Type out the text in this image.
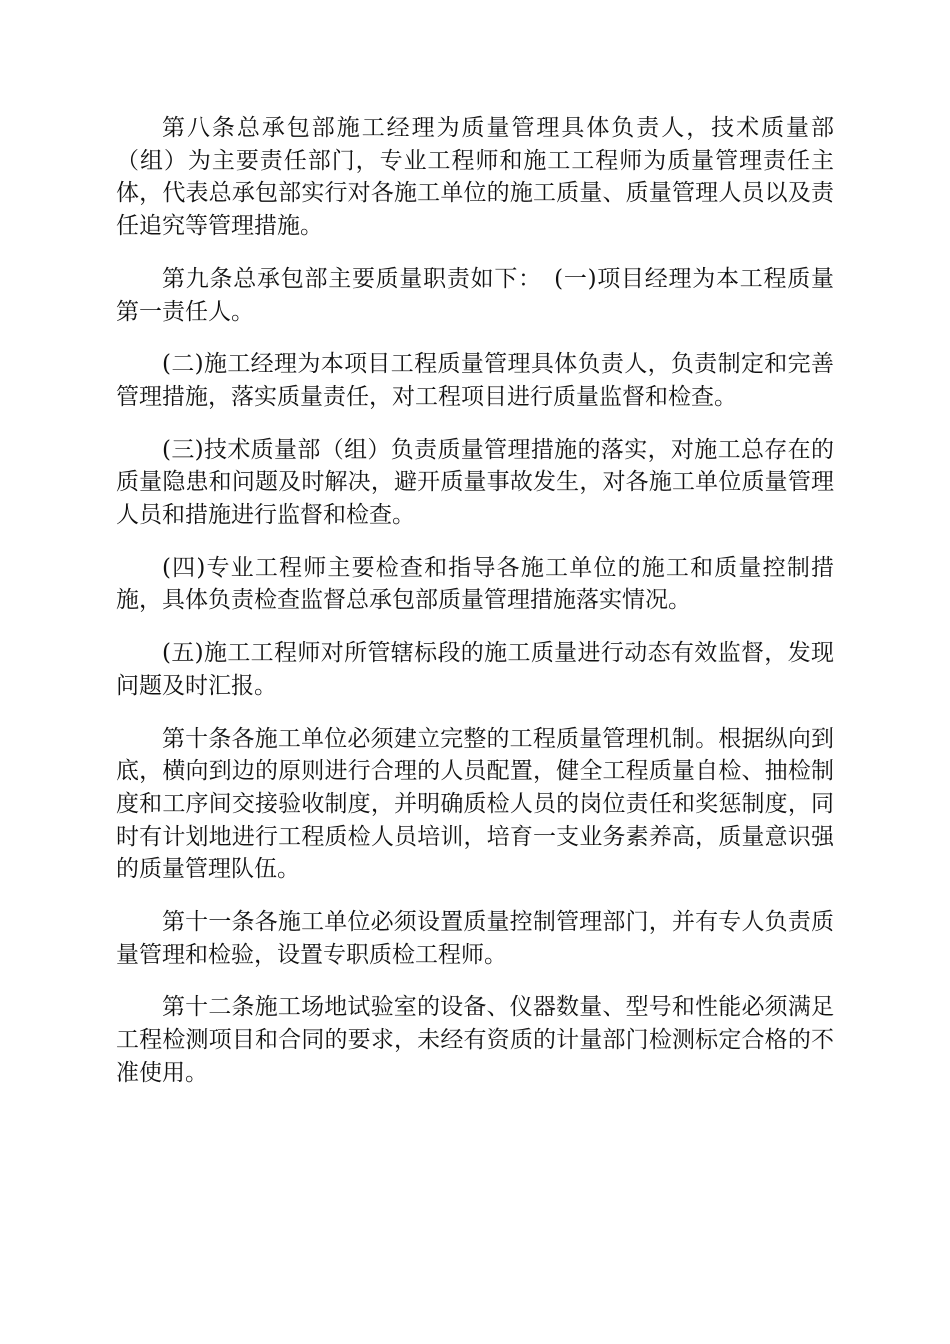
第八条总承包部施工经理为质量管理具体负责人，技术质量部（组）为主要责任部门，专业工程师和施工工程师为质量管理责任主体，代表总承包部实行对各施工单位的施工质量、质量管理人员以及责任追究等管理措施。

第九条总承包部主要质量职责如下：　(一)项目经理为本工程质量第一责任人。

(二)施工经理为本项目工程质量管理具体负责人，负责制定和完善管理措施，落实质量责任，对工程项目进行质量监督和检查。

(三)技术质量部（组）负责质量管理措施的落实，对施工总存在的质量隐患和问题及时解决，避开质量事故发生，对各施工单位质量管理人员和措施进行监督和检查。

(四)专业工程师主要检查和指导各施工单位的施工和质量控制措施，具体负责检查监督总承包部质量管理措施落实情况。

(五)施工工程师对所管辖标段的施工质量进行动态有效监督，发现问题及时汇报。

第十条各施工单位必须建立完整的工程质量管理机制。根据纵向到底，横向到边的原则进行合理的人员配置，健全工程质量自检、抽检制度和工序间交接验收制度，并明确质检人员的岗位责任和奖惩制度，同时有计划地进行工程质检人员培训，培育一支业务素养高，质量意识强的质量管理队伍。

第十一条各施工单位必须设置质量控制管理部门，并有专人负责质量管理和检验，设置专职质检工程师。

第十二条施工场地试验室的设备、仪器数量、型号和性能必须满足工程检测项目和合同的要求，未经有资质的计量部门检测标定合格的不准使用。
